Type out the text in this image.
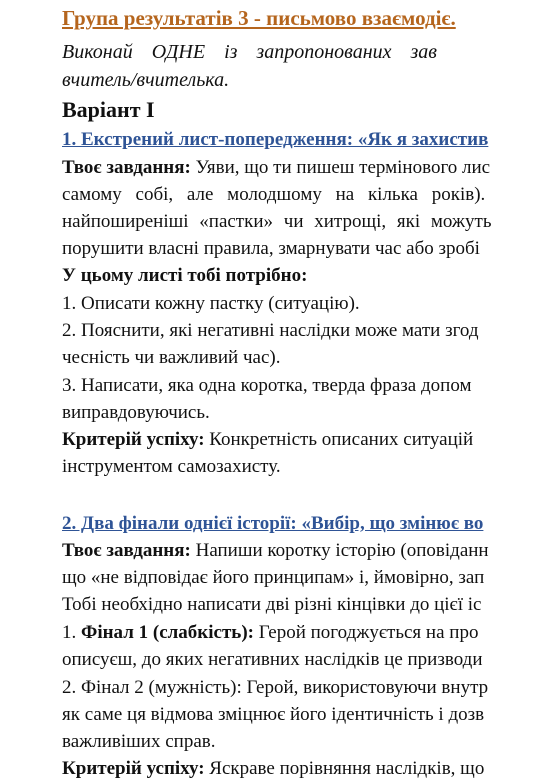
Група результатів 3 - письмово взаємодіє.
Виконай ОДНЕ із запропонованих зав
вчитель/вчителька.
Варіант І
1. Екстрений лист-попередження: «Як я захистив
Твоє завдання: Уяви, що ти пишеш термінового лис
самому собі, але молодшому на кілька років).
найпоширеніші «пастки» чи хитрощі, які можуть
порушити власні правила, змарнувати час або зробі
У цьому листі тобі потрібно:
1. Описати кожну пастку (ситуацію).
2. Пояснити, які негативні наслідки може мати згод
чесність чи важливий час).
3. Написати, яка одна коротка, тверда фраза допом
виправдовуючись.
Критерій успіху: Конкретність описаних ситуацій
інструментом самозахисту.
2. Два фінали однієї історії: «Вибір, що змінює во
Твоє завдання: Напиши коротку історію (оповіданн
що «не відповідає його принципам» і, ймовірно, зап
Тобі необхідно написати дві різні кінцівки до цієї іс
1. Фінал 1 (слабкість): Герой погоджується на про
описуєш, до яких негативних наслідків це призводи
2. Фінал 2 (мужність): Герой, використовуючи внутр
як саме ця відмова зміцнює його ідентичність і дозв
важливіших справ.
Критерій успіху: Яскраве порівняння наслідків, що
